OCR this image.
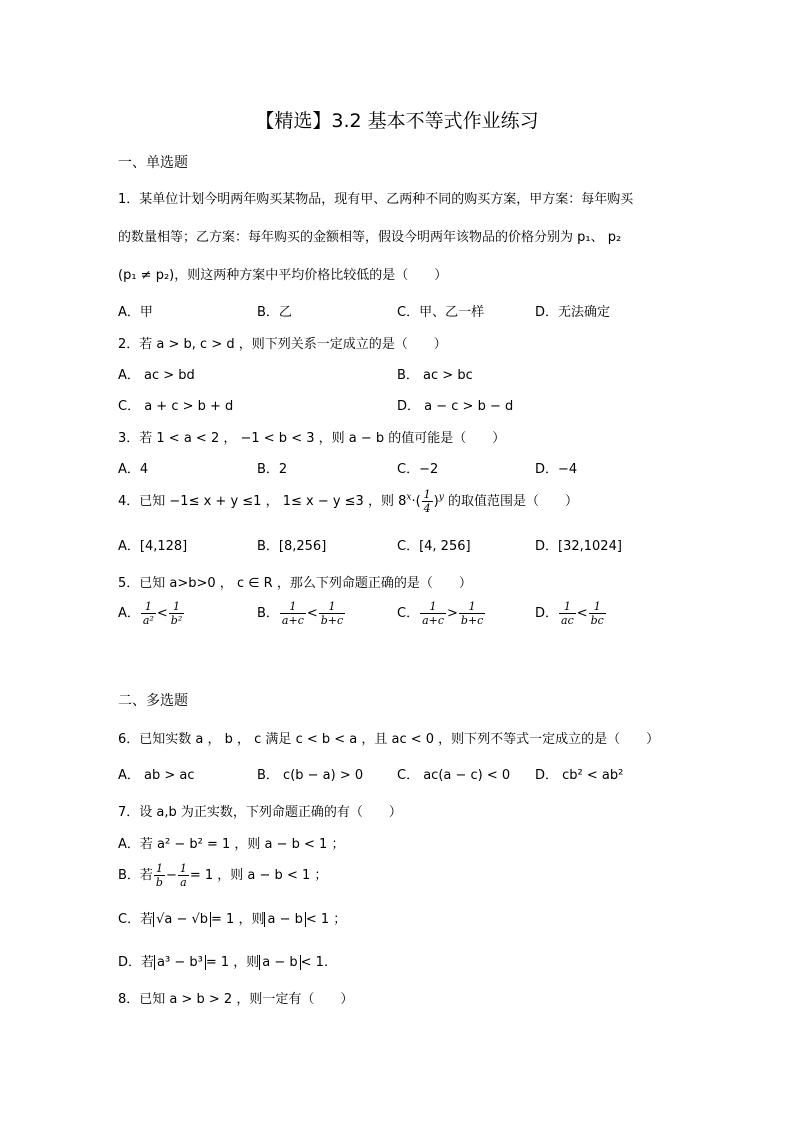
【精选】3.2 基本不等式作业练习
一、单选题
1．某单位计划今明两年购买某物品，现有甲、乙两种不同的购买方案，甲方案：每年购买
的数量相等；乙方案：每年购买的金额相等，假设今明两年该物品的价格分别为 p₁、 p₂
(p₁ ≠ p₂)，则这两种方案中平均价格比较低的是（　　）
A．甲	B．乙	C．甲、乙一样	D．无法确定
2．若 a > b, c > d ，则下列关系一定成立的是（　　）
A． ac > bd	B． ac > bc
C． a + c > b + d	D． a − c > b − d
3．若 1 < a < 2 ， −1 < b < 3 ，则 a − b 的值可能是（　　）
A．4	B．2	C．−2	D．−4
4．已知 −1≤ x + y ≤1 ， 1≤ x − y ≤3 ，则 $8^x\cdot( \frac{1}{4} )^y$ 的取值范围是（　　）
A．[4,128]	B．[8,256]	C．[4, 256]	D．[32,1024]
5．已知 a>b>0 ， c ∈ R ，那么下列命题正确的是（　　）
A． $\frac{1}{\text{a²}} < \frac{1}{\text{b²}}$	B． $\frac{1}{a+c} < \frac{1}{b+c}$	C． $\frac{1}{a+c} > \frac{1}{b+c}$	D． $\frac{1}{ac} < \frac{1}{bc}$
二、多选题
6．已知实数 a ， b ， c 满足 c < b < a ，且 ac < 0 ，则下列不等式一定成立的是（　　）
A． ab > ac	B． c(b − a) > 0	C． ac(a − c) < 0 D． cb² < ab²
7．设 a,b 为正实数，下列命题正确的有（　　）
A．若 a² − b² = 1 ，则 a − b < 1 ；
B．若 $\frac{1}{b} - \frac{1}{a} = 1$ ，则 a − b < 1 ；
C．若 √a − √b = 1 ，则 a − b < 1 ；
D．若 a³ − b³ = 1 ，则 a − b < 1.
8．已知 a > b > 2 ，则一定有（　　）
